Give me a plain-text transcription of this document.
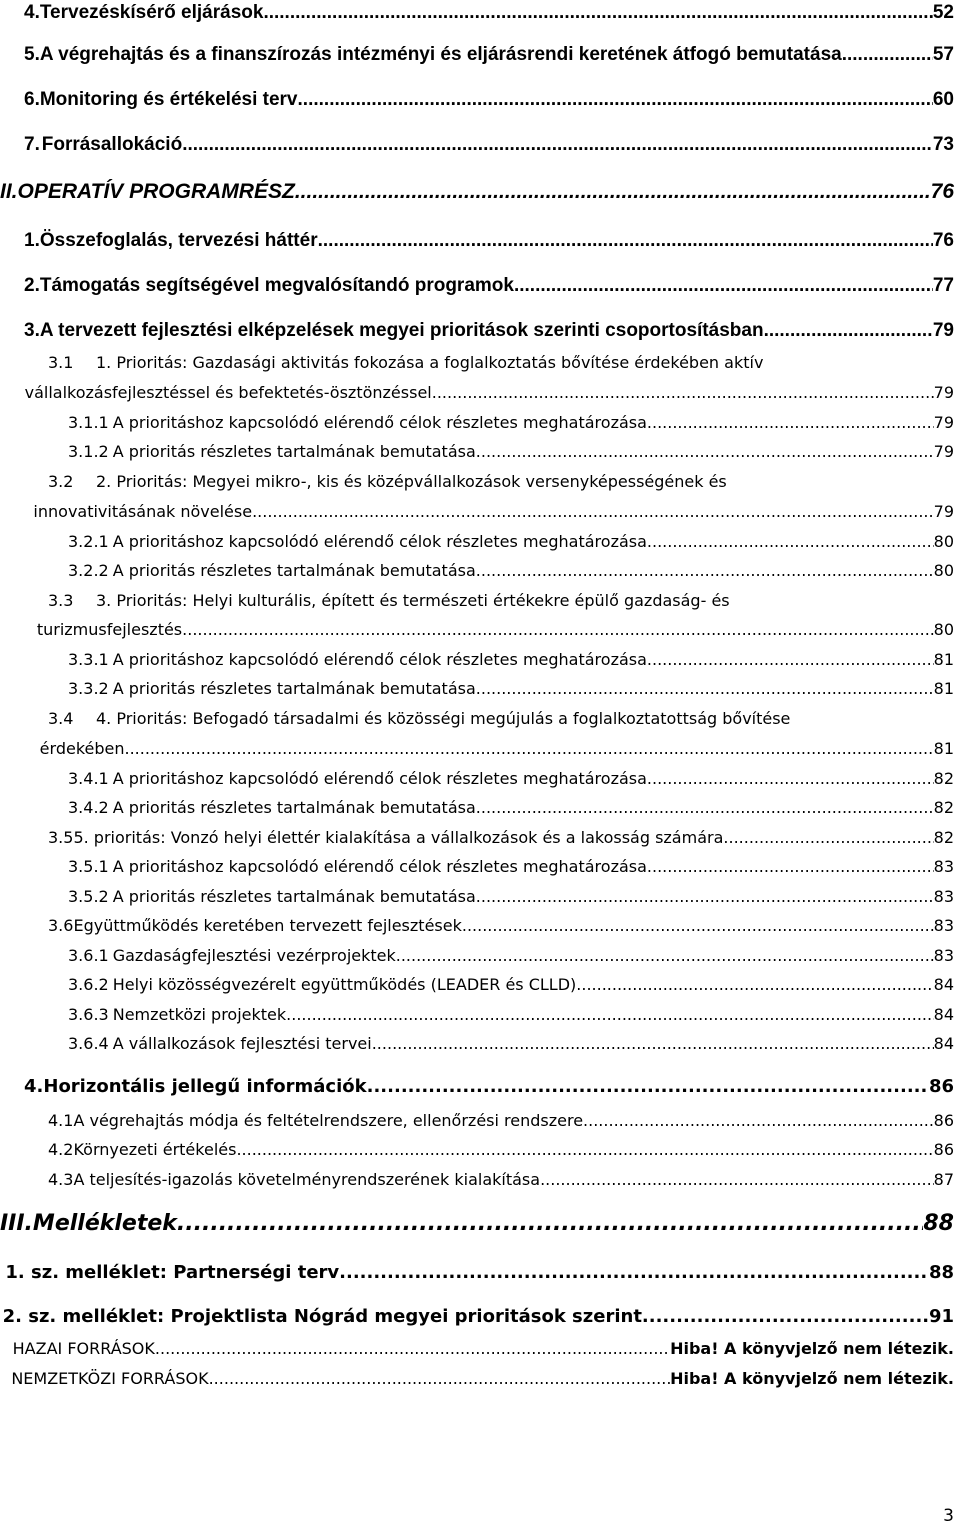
4. Tervezéskísérő eljárások .....	52
5. A végrehajtás és a finanszírozás intézményi és eljárásrendi keretének átfogó bemutatása .....	57
6. Monitoring és értékelési terv .....	60
7. Forrásallokáció .....	73
II. OPERATÍV PROGRAMRÉSZ .....	76
1. Összefoglalás, tervezési háttér .....	76
2. Támogatás segítségével megvalósítandó programok .....	77
3. A tervezett fejlesztési elképzelések megyei prioritások szerinti csoportosításban .....	79
3.1 1. Prioritás: Gazdasági aktivitás fokozása a foglalkoztatás bővítése érdekében aktív
vállalkozásfejlesztéssel és befektetés-ösztönzéssel .....	79
3.1.1 A prioritáshoz kapcsolódó elérendő célok részletes meghatározása .....	79
3.1.2 A prioritás részletes tartalmának bemutatása .....	79
3.2 2. Prioritás: Megyei mikro-, kis és középvállalkozások versenyképességének és
innovativitásának növelése .....	79
3.2.1 A prioritáshoz kapcsolódó elérendő célok részletes meghatározása .....	80
3.2.2 A prioritás részletes tartalmának bemutatása .....	80
3.3 3. Prioritás: Helyi kulturális, épített és természeti értékekre épülő gazdaság- és
turizmusfejlesztés .....	80
3.3.1 A prioritáshoz kapcsolódó elérendő célok részletes meghatározása .....	81
3.3.2 A prioritás részletes tartalmának bemutatása .....	81
3.4 4. Prioritás: Befogadó társadalmi és közösségi megújulás a foglalkoztatottság bővítése
érdekében .....	81
3.4.1 A prioritáshoz kapcsolódó elérendő célok részletes meghatározása .....	82
3.4.2 A prioritás részletes tartalmának bemutatása .....	82
3.5 5. prioritás: Vonzó helyi élettér kialakítása a vállalkozások és a lakosság számára .....	82
3.5.1 A prioritáshoz kapcsolódó elérendő célok részletes meghatározása .....	83
3.5.2 A prioritás részletes tartalmának bemutatása .....	83
3.6 Együttműködés keretében tervezett fejlesztések .....	83
3.6.1 Gazdaságfejlesztési vezérprojektek .....	83
3.6.2 Helyi közösségvezérelt együttműködés (LEADER és CLLD) .....	84
3.6.3 Nemzetközi projektek .....	84
3.6.4 A vállalkozások fejlesztési tervei .....	84
4. Horizontális jellegű információk .....	86
4.1 A végrehajtás módja és feltételrendszere, ellenőrzési rendszere .....	86
4.2 Környezeti értékelés .....	86
4.3 A teljesítés-igazolás követelményrendszerének kialakítása .....	87
III. Mellékletek .....	88
1. sz. melléklet: Partnerségi terv .....	88
2. sz. melléklet: Projektlista Nógrád megyei prioritások szerint .....	91
HAZAI FORRÁSOK .....	Hiba! A könyvjelző nem létezik.
NEMZETKÖZI FORRÁSOK .....	Hiba! A könyvjelző nem létezik.
3
